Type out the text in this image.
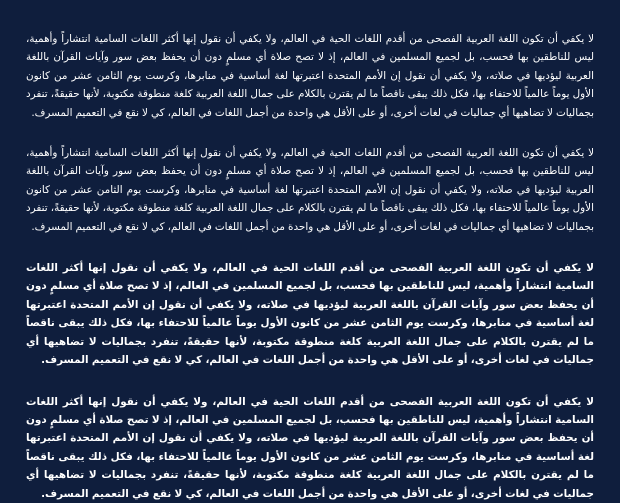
لا يكفي أن تكون اللغة العربية الفصحى من أقدم اللغات الحية في العالم، ولا يكفي أن نقول إنها أكثر اللغات السامية انتشاراً وأهمية، ليس للناطقين بها فحسب، بل لجميع المسلمين في العالم، إذ لا تصح صلاة أي مسلمٍ دون أن يحفظ بعض سور وآيات القرآن باللغة العربية ليؤديها في صلاته، ولا يكفي أن نقول إن الأمم المتحدة اعتبرتها لغة أساسية في منابرها، وكرست يوم الثامن عشر من كانون الأول يوماً عالمياً للاحتفاء بها، فكل ذلك يبقى ناقصاً ما لم يقترن بالكلام على جمال اللغة العربية كلغة منطوقة مكتوبة، لأنها حقيقةً، تنفرد بجماليات لا تضاهيها أي جماليات في لغات أخرى، أو على الأقل هي واحدة من أجمل اللغات في العالم، كي لا نقع في التعميم المسرف.

لا يكفي أن تكون اللغة العربية الفصحى من أقدم اللغات الحية في العالم، ولا يكفي أن نقول إنها أكثر اللغات السامية انتشاراً وأهمية، ليس للناطقين بها فحسب، بل لجميع المسلمين في العالم، إذ لا تصح صلاة أي مسلمٍ دون أن يحفظ بعض سور وآيات القرآن باللغة العربية ليؤديها في صلاته، ولا يكفي أن نقول إن الأمم المتحدة اعتبرتها لغة أساسية في منابرها، وكرست يوم الثامن عشر من كانون الأول يوماً عالمياً للاحتفاء بها، فكل ذلك يبقى ناقصاً ما لم يقترن بالكلام على جمال اللغة العربية كلغة منطوقة مكتوبة، لأنها حقيقةً، تنفرد بجماليات لا تضاهيها أي جماليات في لغات أخرى، أو على الأقل هي واحدة من أجمل اللغات في العالم، كي لا نقع في التعميم المسرف.

لا يكفي أن تكون اللغة العربية الفصحى من أقدم اللغات الحية في العالم، ولا يكفي أن نقول إنها أكثر اللغات السامية انتشاراً وأهمية، ليس للناطقين بها فحسب، بل لجميع المسلمين في العالم، إذ لا تصح صلاة أي مسلمٍ دون أن يحفظ بعض سور وآيات القرآن باللغة العربية ليؤديها في صلاته، ولا يكفي أن نقول إن الأمم المتحدة اعتبرتها لغة أساسية في منابرها، وكرست يوم الثامن عشر من كانون الأول يوماً عالمياً للاحتفاء بها، فكل ذلك يبقى ناقصاً ما لم يقترن بالكلام على جمال اللغة العربية كلغة منطوقة مكتوبة، لأنها حقيقةً، تنفرد بجماليات لا تضاهيها أي جماليات في لغات أخرى، أو على الأقل هي واحدة من أجمل اللغات في العالم، كي لا نقع في التعميم المسرف.

لا يكفي أن تكون اللغة العربية الفصحى من أقدم اللغات الحية في العالم، ولا يكفي أن نقول إنها أكثر اللغات السامية انتشاراً وأهمية، ليس للناطقين بها فحسب، بل لجميع المسلمين في العالم، إذ لا تصح صلاة أي مسلمٍ دون أن يحفظ بعض سور وآيات القرآن باللغة العربية ليؤديها في صلاته، ولا يكفي أن نقول إن الأمم المتحدة اعتبرتها لغة أساسية في منابرها، وكرست يوم الثامن عشر من كانون الأول يوماً عالمياً للاحتفاء بها، فكل ذلك يبقى ناقصاً ما لم يقترن بالكلام على جمال اللغة العربية كلغة منطوقة مكتوبة، لأنها حقيقةً، تنفرد بجماليات لا تضاهيها أي جماليات في لغات أخرى، أو على الأقل هي واحدة من أجمل اللغات في العالم، كي لا نقع في التعميم المسرف.
